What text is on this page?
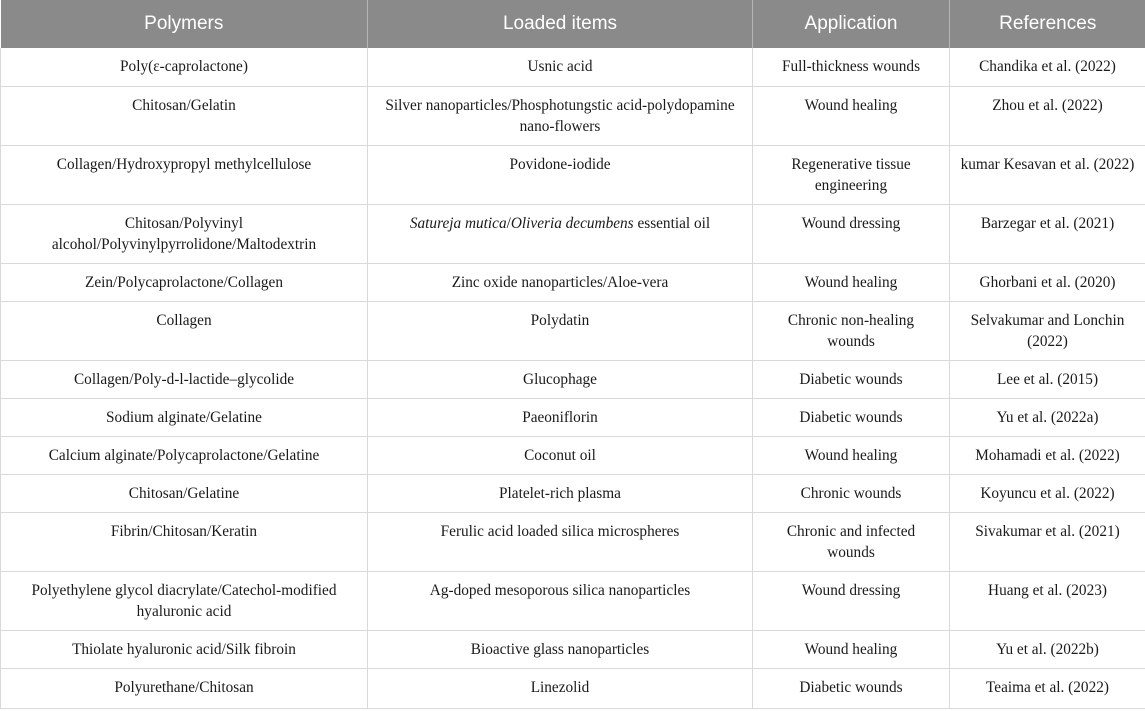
Polymers	Loaded items	Application	References
Poly(ε-caprolactone)	Usnic acid	Full-thickness wounds	Chandika et al. (2022)
Chitosan/Gelatin	Silver nanoparticles/Phosphotungstic acid-polydopamine nano-flowers	Wound healing	Zhou et al. (2022)
Collagen/Hydroxypropyl methylcellulose	Povidone-iodide	Regenerative tissue engineering	kumar Kesavan et al. (2022)
Chitosan/Polyvinyl alcohol/Polyvinylpyrrolidone/Maltodextrin	Satureja mutica/Oliveria decumbens essential oil	Wound dressing	Barzegar et al. (2021)
Zein/Polycaprolactone/Collagen	Zinc oxide nanoparticles/Aloe-vera	Wound healing	Ghorbani et al. (2020)
Collagen	Polydatin	Chronic non-healing wounds	Selvakumar and Lonchin (2022)
Collagen/Poly-d-l-lactide–glycolide	Glucophage	Diabetic wounds	Lee et al. (2015)
Sodium alginate/Gelatine	Paeoniflorin	Diabetic wounds	Yu et al. (2022a)
Calcium alginate/Polycaprolactone/Gelatine	Coconut oil	Wound healing	Mohamadi et al. (2022)
Chitosan/Gelatine	Platelet-rich plasma	Chronic wounds	Koyuncu et al. (2022)
Fibrin/Chitosan/Keratin	Ferulic acid loaded silica microspheres	Chronic and infected wounds	Sivakumar et al. (2021)
Polyethylene glycol diacrylate/Catechol-modified hyaluronic acid	Ag-doped mesoporous silica nanoparticles	Wound dressing	Huang et al. (2023)
Thiolate hyaluronic acid/Silk fibroin	Bioactive glass nanoparticles	Wound healing	Yu et al. (2022b)
Polyurethane/Chitosan	Linezolid	Diabetic wounds	Teaima et al. (2022)
